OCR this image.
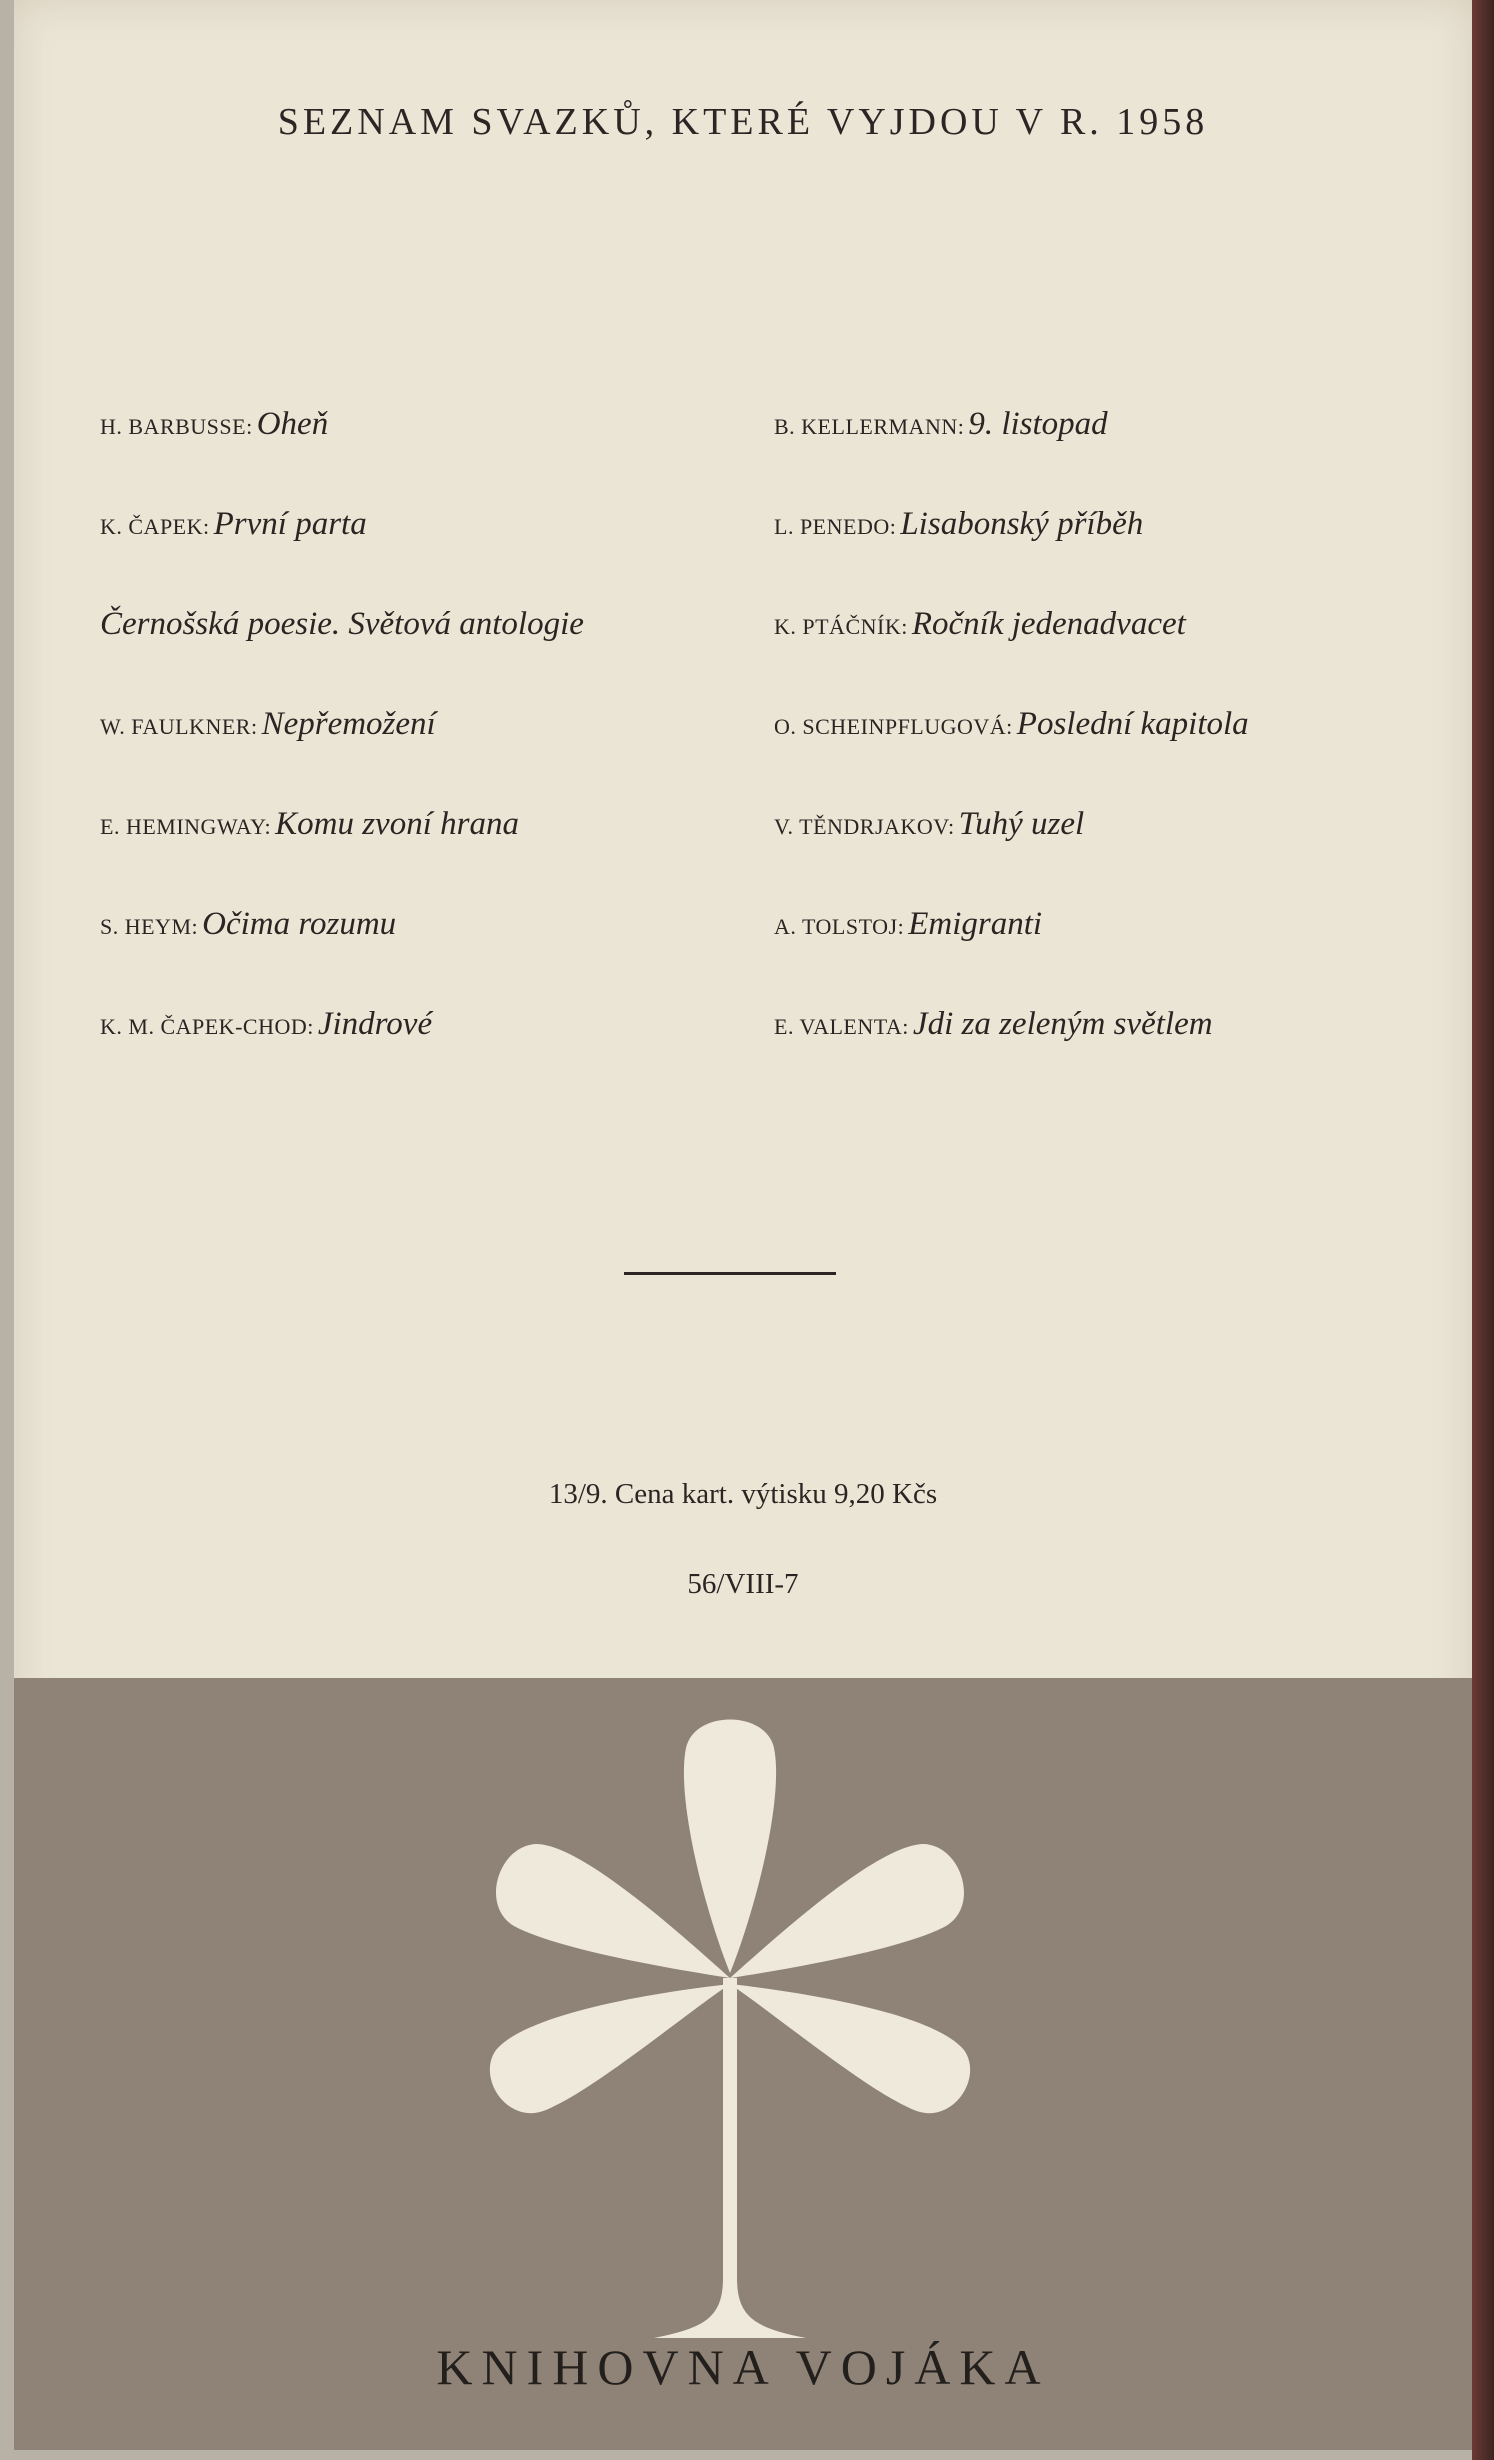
SEZNAM SVAZKŮ, KTERÉ VYJDOU V R. 1958
H. BARBUSSE: Oheň
K. ČAPEK: První parta
Černošská poesie. Světová antologie
W. FAULKNER: Nepřemožení
E. HEMINGWAY: Komu zvoní hrana
S. HEYM: Očima rozumu
K. M. ČAPEK-CHOD: Jindrové
B. KELLERMANN: 9. listopad
L. PENEDO: Lisabonský příběh
K. PTÁČNÍK: Ročník jedenadvacet
O. SCHEINPFLUGOVÁ: Poslední kapitola
V. TĚNDRJAKOV: Tuhý uzel
A. TOLSTOJ: Emigranti
E. VALENTA: Jdi za zeleným světlem
13/9. Cena kart. výtisku 9,20 Kčs
56/VIII-7
KNIHOVNA VOJÁKA
